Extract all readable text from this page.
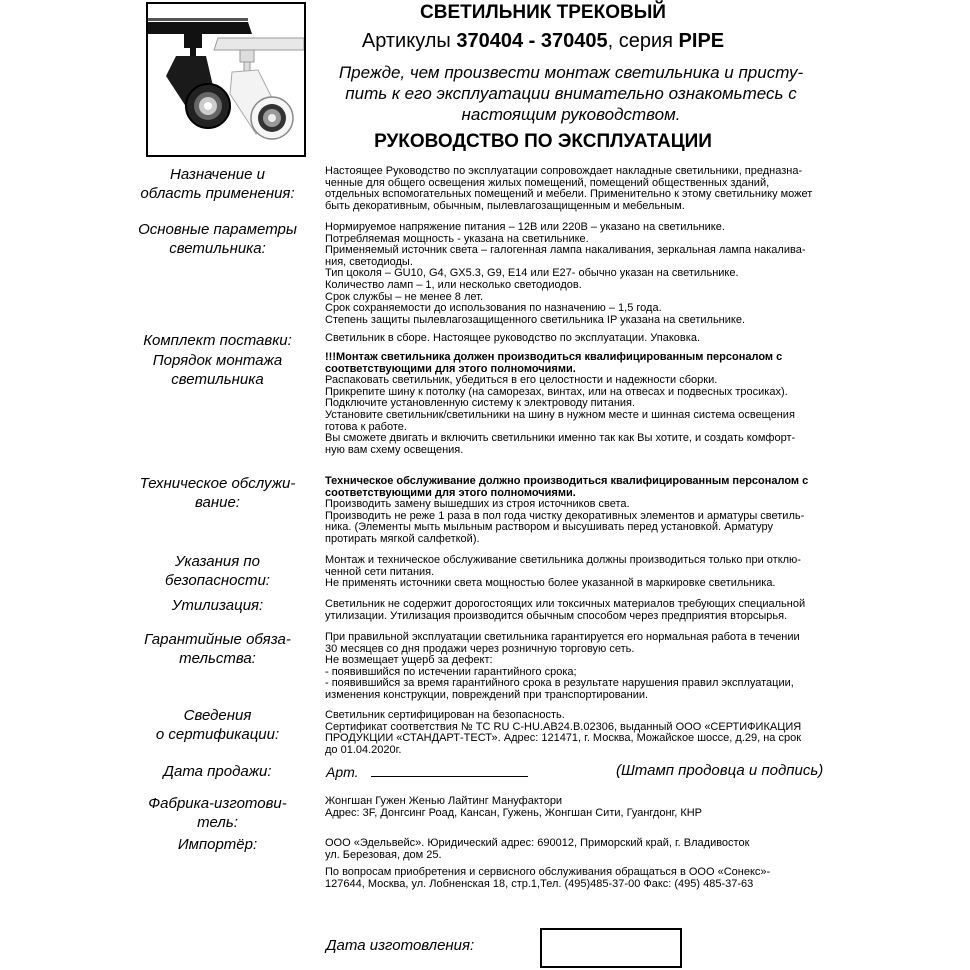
СВЕТИЛЬНИК ТРЕКОВЫЙ
Артикулы 370404 - 370405, серия PIPE
Прежде, чем произвести монтаж светильника и присту-
пить к его эксплуатации внимательно ознакомьтесь с
настоящим руководством.
РУКОВОДСТВО ПО ЭКСПЛУАТАЦИИ
Назначение и
область применения:

Настоящее Руководство по эксплуатации сопровождает накладные светильники, предназна-

ченные для общего освещения жилых помещений, помещений общественных зданий,

отдельных вспомогательных помещений и мебели. Применительно к этому светильнику может

быть декоративным, обычным, пылевлагозащищенным и мебельным.

Основные параметры
светильника:

Нормируемое напряжение питания – 12В или 220В – указано на светильнике.

Потребляемая мощность - указана на светильнике.

Применяемый источник света – галогенная лампа накаливания, зеркальная лампа накалива-

ния, светодиоды.

Тип цоколя – GU10, G4, GX5.3, G9, E14 или E27- обычно указан на светильнике.

Количество ламп – 1, или несколько светодиодов.

Срок службы – не менее 8 лет.

Срок сохраняемости до использования по назначению – 1,5 года.

Степень защиты пылевлагозащищенного светильника IP указана на светильнике.

Комплект поставки:	Светильник в сборе. Настоящее руководство по эксплуатации. Упаковка.

Порядок монтажа
светильника

!!!Монтаж светильника должен производиться квалифицированным персоналом с

соответствующими для этого полномочиями.

Распаковать светильник, убедиться в его целостности и надежности сборки.

Прикрепите шину к потолку (на саморезах, винтах, или на отвесах и подвесных тросиках).

Подключите установленную систему к электроводу питания.

Установите светильник/светильники на шину в нужном месте и шинная система освещения

готова к работе.

Вы сможете двигать и включить светильники именно так как Вы хотите, и создать комфорт-

ную вам схему освещения.

Техническое обслужи-
вание:

Техническое обслуживание должно производиться квалифицированным персоналом с

соответствующими для этого полномочиями.

Производить замену вышедших из строя источников света.

Производить не реже 1 раза в пол года чистку декоративных элементов и арматуры светиль-

ника. (Элементы мыть мыльным раствором и высушивать перед установкой. Арматуру

протирать мягкой салфеткой).

Указания по
безопасности:

Монтаж и техническое обслуживание светильника должны производиться только при отклю-

ченной сети питания.

Не применять источники света мощностью более указанной в маркировке светильника.

Утилизация:	Светильник не содержит дорогостоящих или токсичных материалов требующих специальной

утилизации. Утилизация производится обычным способом через предприятия вторсырья.

Гарантийные обяза-
тельства:

При правильной эксплуатации светильника гарантируется его нормальная работа в течении

30 месяцев со дня продажи через розничную торговую сеть.

Не возмещает ущерб за дефект:

- появившийся по истечении гарантийного срока;

- появившийся за время гарантийного срока в результате нарушения правил эксплуатации,

изменения конструкции, повреждений при транспортировании.

Сведения
о сертификации:

Светильник сертифицирован на безопасность.

Сертификат соответствия № ТС RU C-HU.АВ24.В.02306, выданный ООО «СЕРТИФИКАЦИЯ

ПРОДУКЦИИ «СТАНДАРТ-ТЕСТ». Адрес: 121471, г. Москва, Можайское шоссе, д.29, на срок

до 01.04.2020г.

Дата продажи:	Арт.	(Штамп продовца и подпись)
Фабрика-изготови-
тель:

Жонгшан Гужен Женью Лайтинг Мануфактори

Адрес: 3F, Донгсинг Роад, Кансан, Гужень, Жонгшан Сити, Гуангдонг, КНР

Импортёр:	ООО «Эдельвейс». Юридический адрес: 690012, Приморский край, г. Владивосток

ул. Березовая, дом 25.

По вопросам приобретения и сервисного обслуживания обращаться в ООО «Сонекс»-

127644, Москва, ул. Лобненская 18, стр.1,Тел. (495)485-37-00 Факс: (495) 485-37-63

Дата изготовления:
